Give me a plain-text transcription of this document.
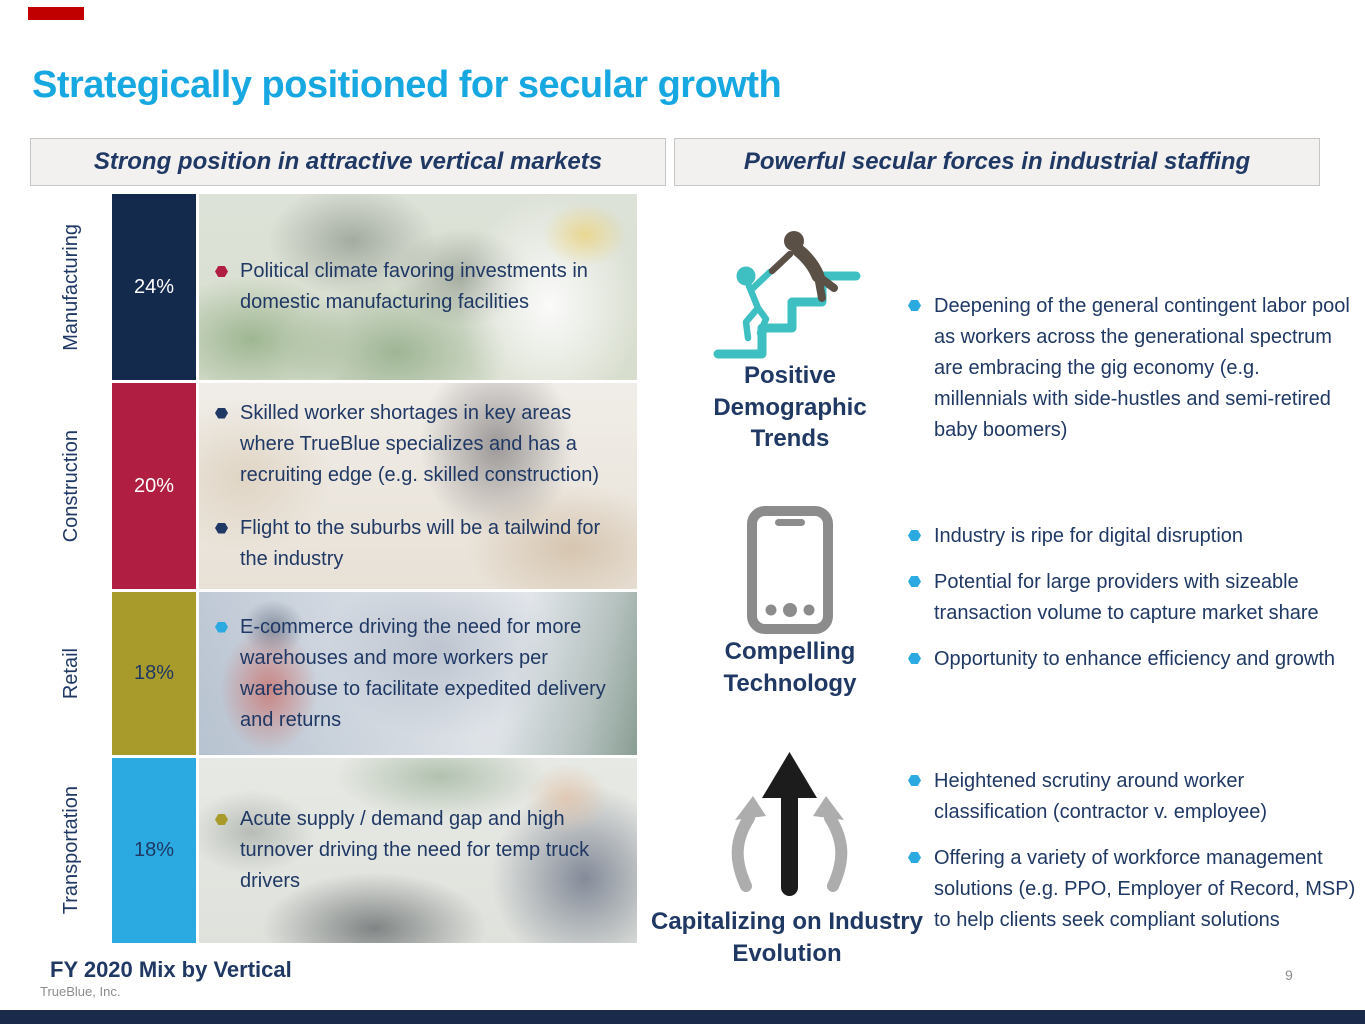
Strategically positioned for secular growth
Strong position in attractive vertical markets	Powerful secular forces in industrial staffing
Manufacturing	24%
Political climate favoring investments in domestic manufacturing facilities
Construction	20%
Skilled worker shortages in key areas where TrueBlue specializes and has a recruiting edge (e.g. skilled construction)
Flight to the suburbs will be a tailwind for the industry
Retail	18%
E-commerce driving the need for more warehouses and more workers per warehouse to facilitate expedited delivery and returns
Transportation	18%
Acute supply / demand gap and high turnover driving the need for temp truck drivers
Positive Demographic Trends
Deepening of the general contingent labor pool as workers across the generational spectrum are embracing the gig economy (e.g. millennials with side-hustles and semi-retired baby boomers)
Compelling Technology
Industry is ripe for digital disruption
Potential for large providers with sizeable transaction volume to capture market share
Opportunity to enhance efficiency and growth
Capitalizing on Industry Evolution
Heightened scrutiny around worker classification (contractor v. employee)
Offering a variety of workforce management solutions (e.g. PPO, Employer of Record, MSP) to help clients seek compliant solutions
FY 2020 Mix by Vertical
TrueBlue, Inc.
9
